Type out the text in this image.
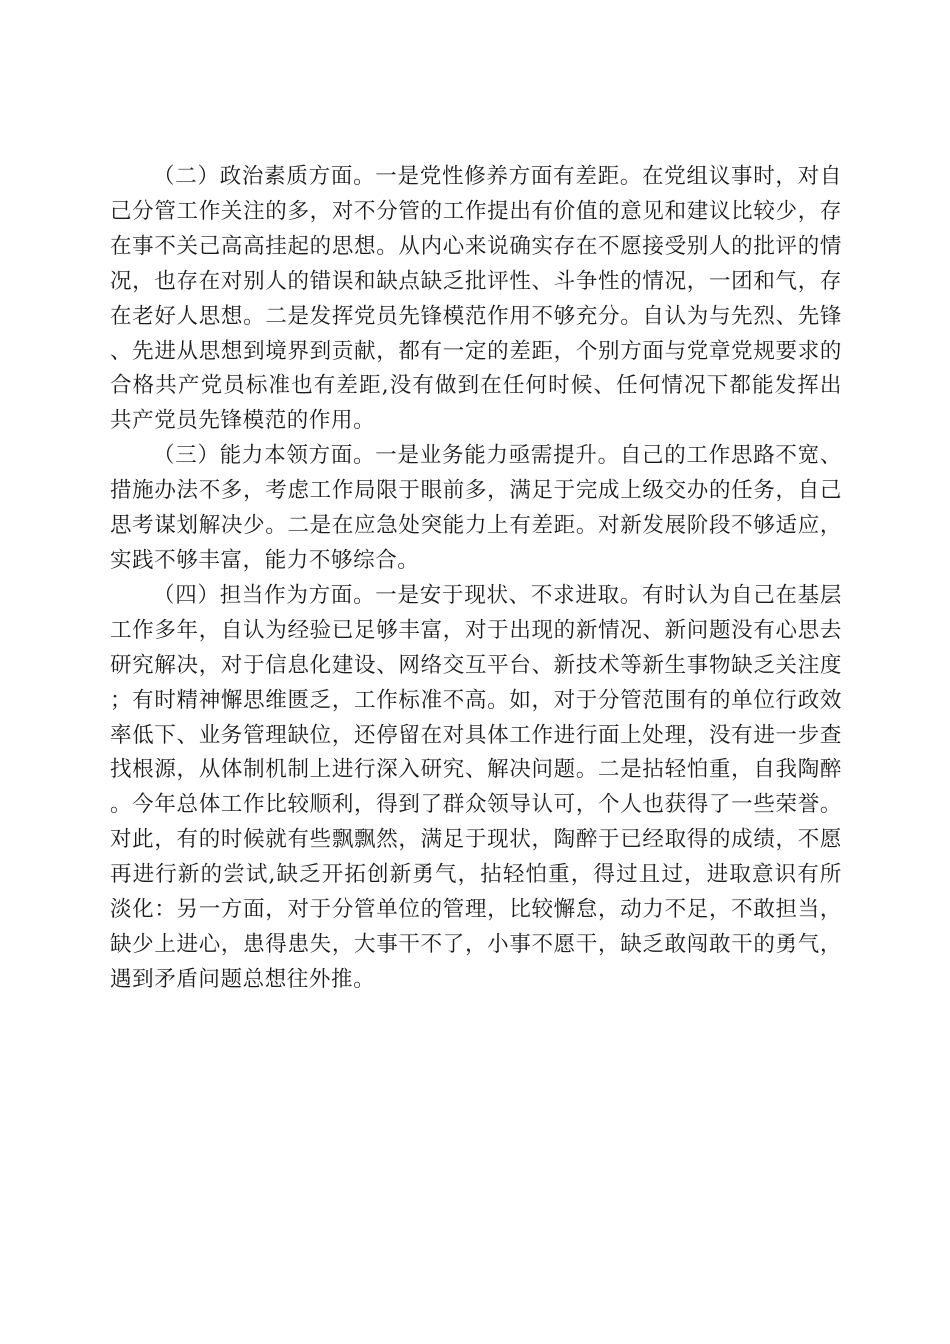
（二）政治素质方面。一是党性修养方面有差距。在党组议事时，对自己分管工作关注的多，对不分管的工作提出有价值的意见和建议比较少，存在事不关己高高挂起的思想。从内心来说确实存在不愿接受别人的批评的情况，也存在对别人的错误和缺点缺乏批评性、斗争性的情况，一团和气，存在老好人思想。二是发挥党员先锋模范作用不够充分。自认为与先烈、先锋、先进从思想到境界到贡献，都有一定的差距，个别方面与党章党规要求的合格共产党员标准也有差距,没有做到在任何时候、任何情况下都能发挥出共产党员先锋模范的作用。

（三）能力本领方面。一是业务能力亟需提升。自己的工作思路不宽、措施办法不多，考虑工作局限于眼前多，满足于完成上级交办的任务，自己思考谋划解决少。二是在应急处突能力上有差距。对新发展阶段不够适应，实践不够丰富，能力不够综合。

（四）担当作为方面。一是安于现状、不求进取。有时认为自己在基层工作多年，自认为经验已足够丰富，对于出现的新情况、新问题没有心思去研究解决，对于信息化建设、网络交互平台、新技术等新生事物缺乏关注度；有时精神懈思维匮乏，工作标准不高。如，对于分管范围有的单位行政效率低下、业务管理缺位，还停留在对具体工作进行面上处理，没有进一步查找根源，从体制机制上进行深入研究、解决问题。二是拈轻怕重，自我陶醉。今年总体工作比较顺利，得到了群众领导认可，个人也获得了一些荣誉。对此，有的时候就有些飘飘然，满足于现状，陶醉于已经取得的成绩，不愿再进行新的尝试,缺乏开拓创新勇气，拈轻怕重，得过且过，进取意识有所淡化：另一方面，对于分管单位的管理，比较懈怠，动力不足，不敢担当，缺少上进心，患得患失，大事干不了，小事不愿干，缺乏敢闯敢干的勇气，遇到矛盾问题总想往外推。
